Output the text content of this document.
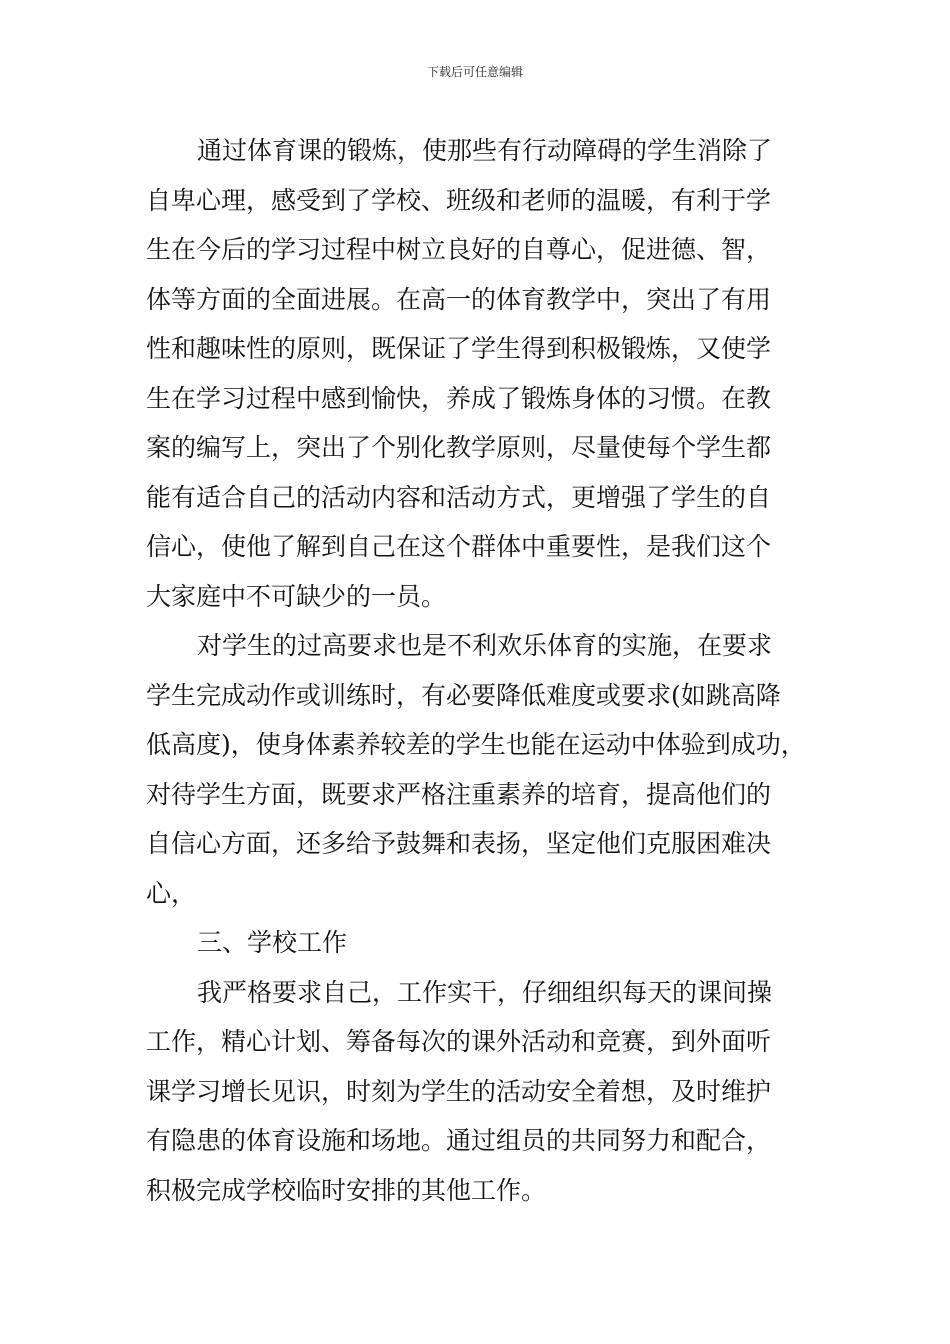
下载后可任意编辑
通过体育课的锻炼，使那些有行动障碍的学生消除了
自卑心理，感受到了学校、班级和老师的温暖，有利于学
生在今后的学习过程中树立良好的自尊心，促进德、智，
体等方面的全面进展。在高一的体育教学中，突出了有用
性和趣味性的原则，既保证了学生得到积极锻炼，又使学
生在学习过程中感到愉快，养成了锻炼身体的习惯。在教
案的编写上，突出了个别化教学原则，尽量使每个学生都
能有适合自己的活动内容和活动方式，更增强了学生的自
信心，使他了解到自己在这个群体中重要性，是我们这个
大家庭中不可缺少的一员。
对学生的过高要求也是不利欢乐体育的实施，在要求
学生完成动作或训练时，有必要降低难度或要求(如跳高降
低高度)，使身体素养较差的学生也能在运动中体验到成功，
对待学生方面，既要求严格注重素养的培育，提高他们的
自信心方面，还多给予鼓舞和表扬，坚定他们克服困难决
心，
三、学校工作
我严格要求自己，工作实干，仔细组织每天的课间操
工作，精心计划、筹备每次的课外活动和竞赛，到外面听
课学习增长见识，时刻为学生的活动安全着想，及时维护
有隐患的体育设施和场地。通过组员的共同努力和配合，
积极完成学校临时安排的其他工作。
